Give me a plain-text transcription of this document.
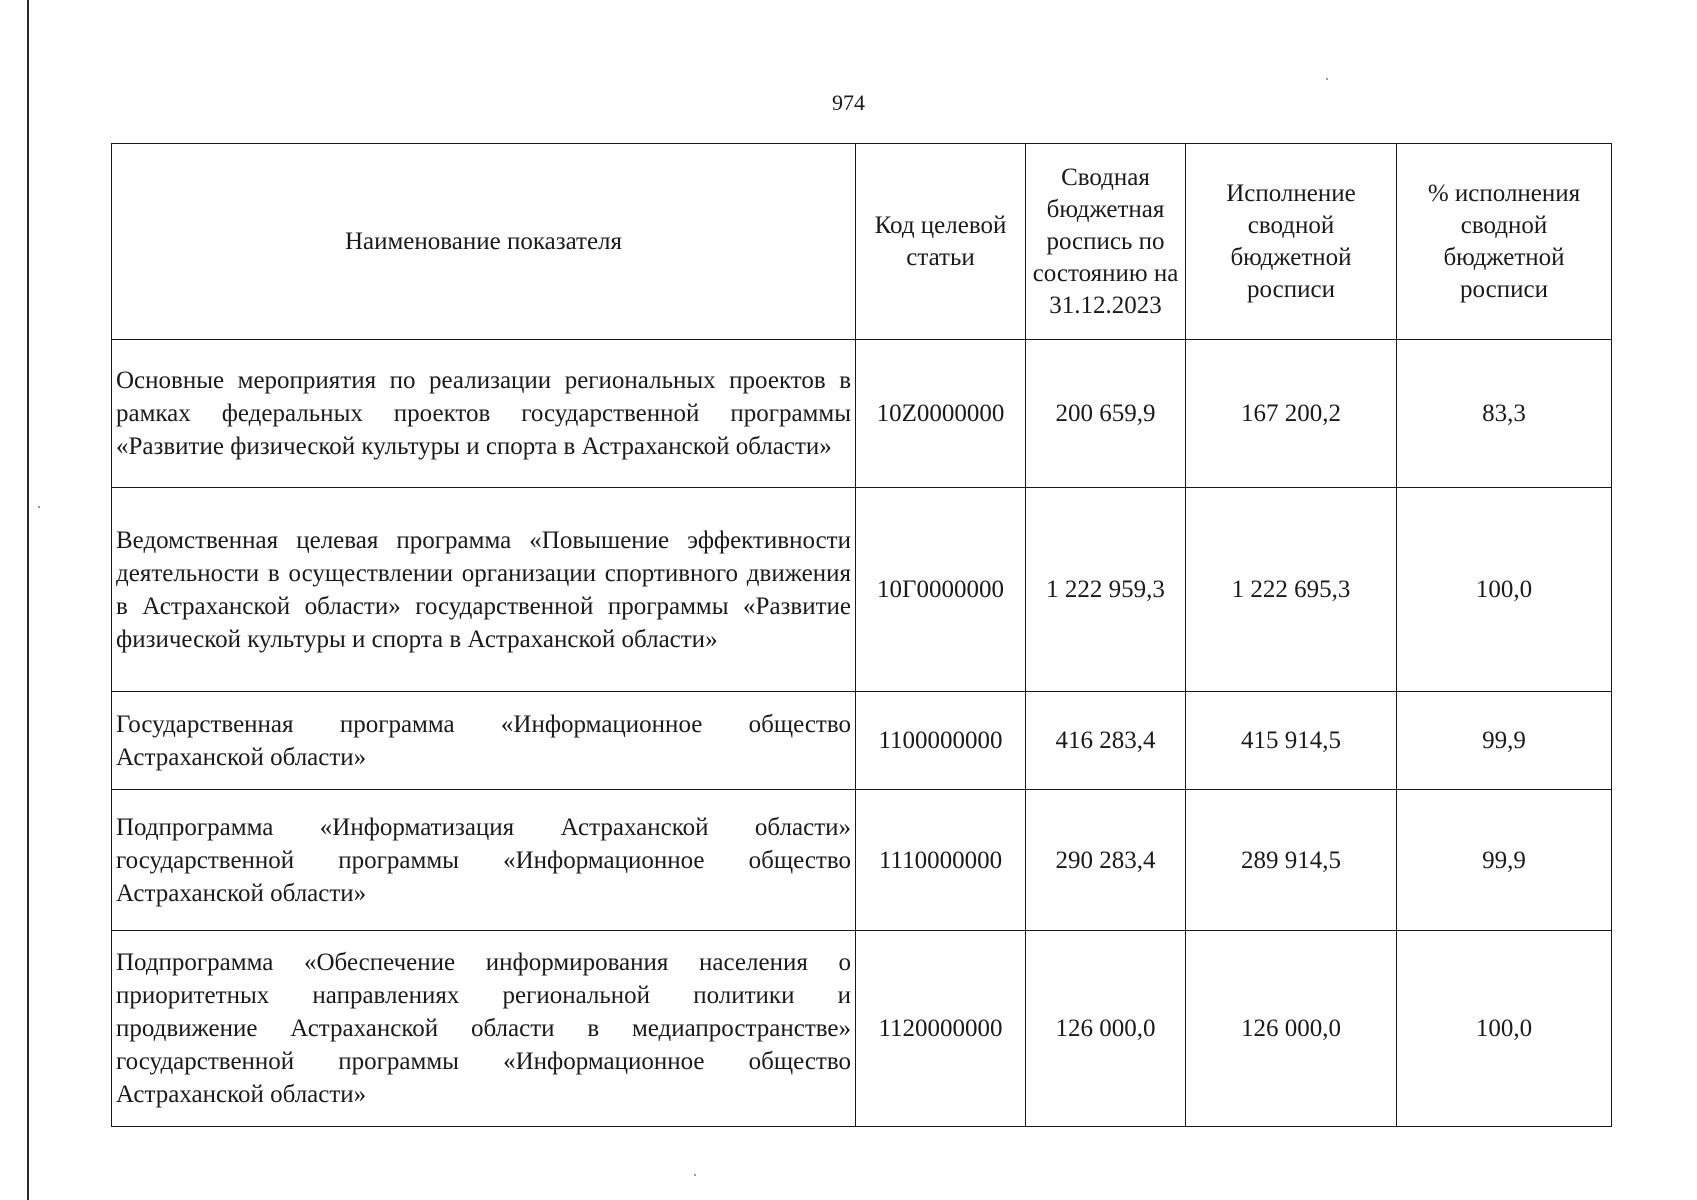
974
Наименование показателя	Код целевой статьи	Сводная бюджетная роспись по состоянию на 31.12.2023	Исполнение сводной бюджетной росписи	% исполнения сводной бюджетной росписи
Основные мероприятия по реализации региональных проектов в рамках федеральных проектов государственной программы «Развитие физической культуры и спорта в Астраханской области»	10Z0000000	200 659,9	167 200,2	83,3
Ведомственная целевая программа «Повышение эффективности деятельности в осуществлении организации спортивного движения в Астраханской области» государственной программы «Развитие физической культуры и спорта в Астраханской области»	10Г0000000	1 222 959,3	1 222 695,3	100,0
Государственная программа «Информационное общество Астраханской области»	1100000000	416 283,4	415 914,5	99,9
Подпрограмма «Информатизация Астраханской области» государственной программы «Информационное общество Астраханской области»	1110000000	290 283,4	289 914,5	99,9
Подпрограмма «Обеспечение информирования населения о приоритетных направлениях региональной политики и продвижение Астраханской области в медиапространстве» государственной программы «Информационное общество Астраханской области»	1120000000	126 000,0	126 000,0	100,0
